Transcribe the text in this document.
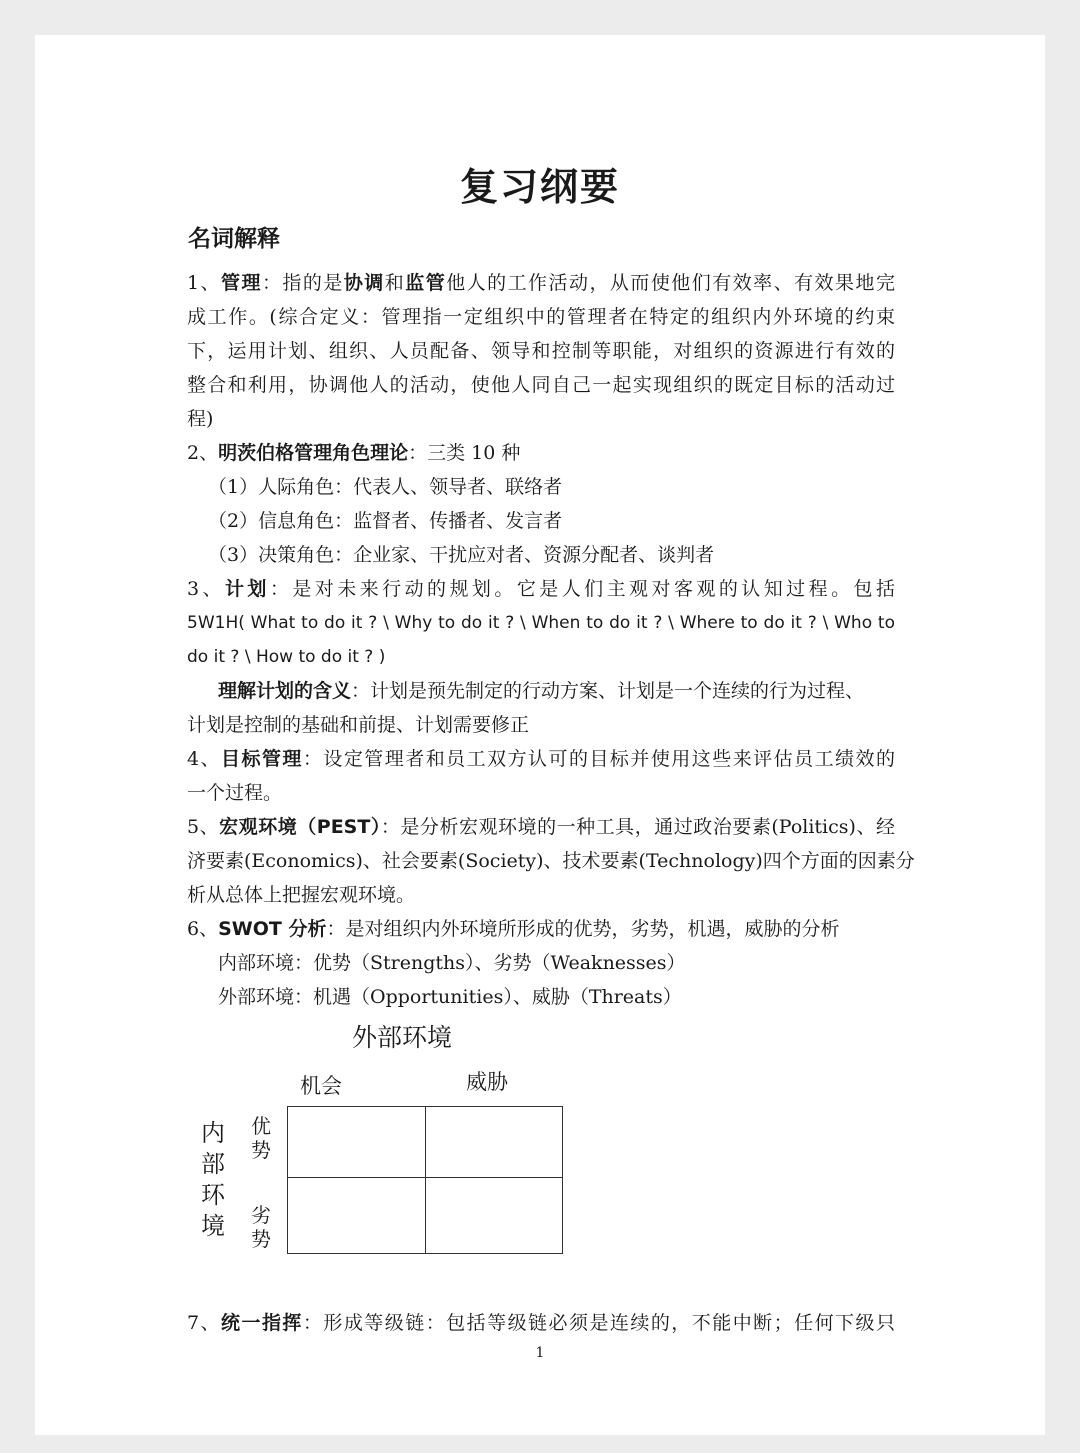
复习纲要
名词解释
1、管理：指的是协调和监管他人的工作活动，从而使他们有效率、有效果地完
成工作。(综合定义：管理指一定组织中的管理者在特定的组织内外环境的约束
下，运用计划、组织、人员配备、领导和控制等职能，对组织的资源进行有效的
整合和利用，协调他人的活动，使他人同自己一起实现组织的既定目标的活动过
程)
2、明茨伯格管理角色理论：三类 10 种
（1）人际角色：代表人、领导者、联络者
（2）信息角色：监督者、传播者、发言者
（3）决策角色：企业家、干扰应对者、资源分配者、谈判者
3、计划：是对未来行动的规划。它是人们主观对客观的认知过程。包括
5W1H( What to do it ? \ Why to do it ? \ When to do it ? \ Where to do it ? \ Who to
do it ? \ How to do it ? )
理解计划的含义：计划是预先制定的行动方案、计划是一个连续的行为过程、
计划是控制的基础和前提、计划需要修正
4、目标管理：设定管理者和员工双方认可的目标并使用这些来评估员工绩效的
一个过程。
5、宏观环境（PEST）：是分析宏观环境的一种工具，通过政治要素(Politics)、经
济要素(Economics)、社会要素(Society)、技术要素(Technology)四个方面的因素分
析从总体上把握宏观环境。
6、SWOT 分析：是对组织内外环境所形成的优势，劣势，机遇，威胁的分析
内部环境：优势（Strengths）、劣势（Weaknesses）
外部环境：机遇（Opportunities）、威胁（Threats）
外部环境
机会	威胁
内
部
环
境
优
势
劣
势
7、统一指挥：形成等级链：包括等级链必须是连续的，不能中断；任何下级只
1
